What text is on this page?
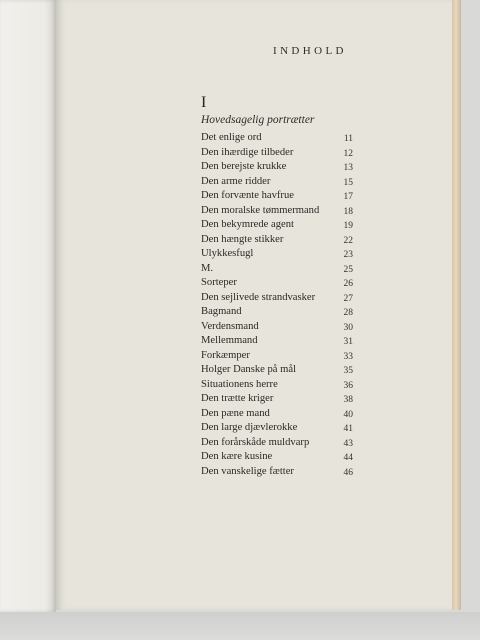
INDHOLD
I
Hovedsagelig portrætter
Det enlige ord	11
Den ihærdige tilbeder	12
Den berejste krukke	13
Den arme ridder	15
Den forvænte havfrue	17
Den moralske tømmermand	18
Den bekymrede agent	19
Den hængte stikker	22
Ulykkesfugl	23
M.	25
Sorteper	26
Den sejlivede strandvasker	27
Bagmand	28
Verdensmand	30
Mellemmand	31
Forkæmper	33
Holger Danske på mål	35
Situationens herre	36
Den trætte kriger	38
Den pæne mand	40
Den large djævlerokke	41
Den forårskåde muldvarp	43
Den kære kusine	44
Den vanskelige fætter	46
